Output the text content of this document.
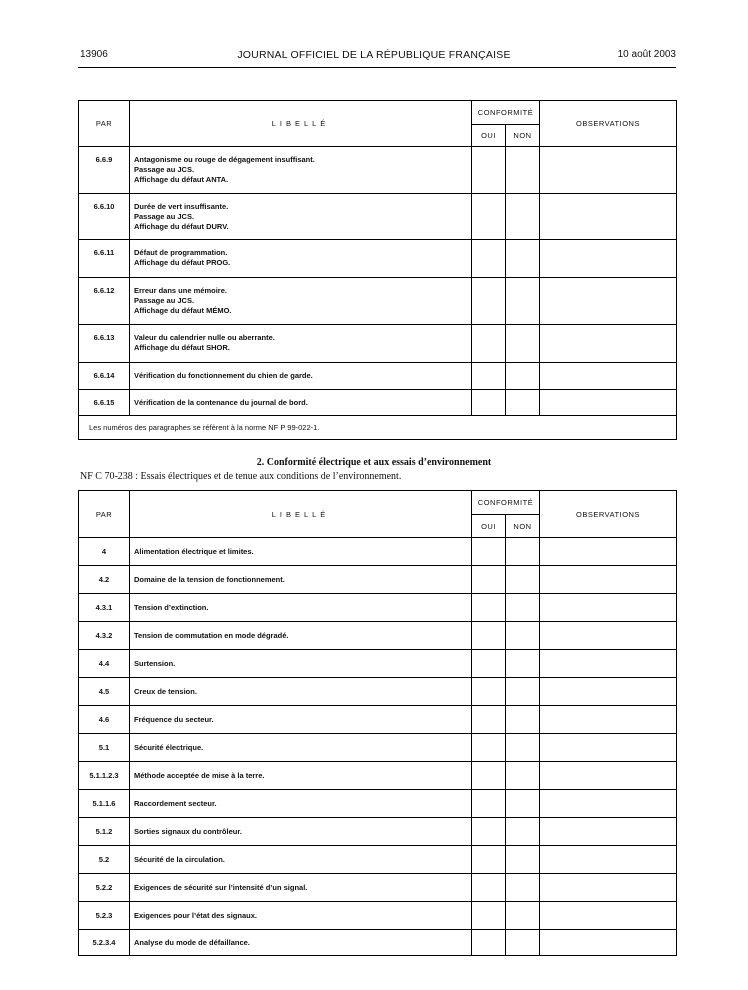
13906	JOURNAL OFFICIEL DE LA RÉPUBLIQUE FRANÇAISE	10 août 2003
PAR	LIBELLÉ	CONFORMITÉ		OBSERVATIONS
		OUI	NON	
6.6.9	Antagonisme ou rouge de dégagement insuffisant.
Passage au JCS.
Affichage du défaut ANTA.			

6.6.10	Durée de vert insuffisante.
Passage au JCS.
Affichage du défaut DURV.			

6.6.11	Défaut de programmation.
Affichage du défaut PROG.			

6.6.12	Erreur dans une mémoire.
Passage au JCS.
Affichage du défaut MÉMO.			

6.6.13	Valeur du calendrier nulle ou aberrante.
Affichage du défaut SHOR.			

6.6.14	Vérification du fonctionnement du chien de garde.			

6.6.15	Vérification de la contenance du journal de bord.			

Les numéros des paragraphes se réfèrent à la norme NF P 99-022-1.				
2. Conformité électrique et aux essais d’environnement
NF C 70-238 : Essais électriques et de tenue aux conditions de l’environnement.
PAR	LIBELLÉ	CONFORMITÉ		OBSERVATIONS
		OUI	NON	
4	Alimentation électrique et limites.			
4.2	Domaine de la tension de fonctionnement.			
4.3.1	Tension d’extinction.			
4.3.2	Tension de commutation en mode dégradé.			
4.4	Surtension.			
4.5	Creux de tension.			
4.6	Fréquence du secteur.			
5.1	Sécurité électrique.			
5.1.1.2.3	Méthode acceptée de mise à la terre.			
5.1.1.6	Raccordement secteur.			
5.1.2	Sorties signaux du contrôleur.			
5.2	Sécurité de la circulation.			
5.2.2	Exigences de sécurité sur l’intensité d’un signal.			
5.2.3	Exigences pour l’état des signaux.			
5.2.3.4	Analyse du mode de défaillance.			
